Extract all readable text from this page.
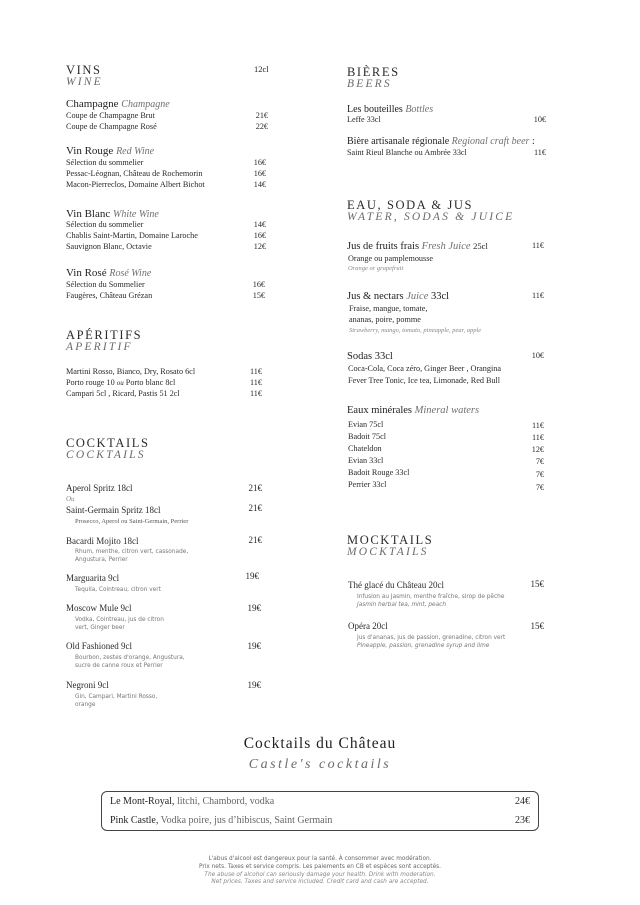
VINS	12cl
WINE
Champagne Champagne
Coupe de Champagne Brut	21€
Coupe de Champagne Rosé	22€
Vin Rouge Red Wine
Sélection du sommelier	16€
Pessac-Léognan, Château de Rochemorin	16€
Macon-Pierreclos, Domaine Albert Bichot	14€
Vin Blanc White Wine
Sélection du sommelier	14€
Chablis Saint-Martin, Domaine Laroche	16€
Sauvignon Blanc, Octavie	12€
Vin Rosé Rosé Wine
Sélection du Sommelier	16€
Faugères, Château Grézan	15€
APÉRITIFS
APERITIF
Martini Rosso, Bianco, Dry, Rosato 6cl	11€
Porto rouge 10 ou Porto blanc 8cl	11€
Campari 5cl , Ricard, Pastis 51 2cl	11€
COCKTAILS
COCKTAILS
Aperol Spritz 18cl	21€
Ou
Saint-Germain Spritz 18cl	21€
Prosecco, Aperol ou Saint-Germain, Perrier
Bacardi Mojito 18cl	21€
Rhum, menthe, citron vert, cassonade,
Angustura, Perrier
Marguarita 9cl	19€
Tequila, Cointreau, citron vert
Moscow Mule 9cl	19€
Vodka, Cointreau, jus de citron
vert, Ginger beer
Old Fashioned 9cl	19€
Bourbon, zestes d'orange, Angustura,
sucre de canne roux et Perrier
Negroni 9cl	19€
Gin, Campari, Martini Rosso,
orange
BIÈRES
BEERS
Les bouteilles Bottles
Leffe 33cl	10€
Bière artisanale régionale Regional craft beer :
Saint Rieul Blanche ou Ambrée 33cl	11€
EAU, SODA & JUS
WATER, SODAS & JUICE
Jus de fruits frais Fresh Juice 25cl	11€
Orange ou pamplemousse
Orange or grapefruit
Jus & nectars Juice 33cl	11€
Fraise, mangue, tomate,
ananas, poire, pomme
Strawberry, mango, tomato, pineapple, pear, apple
Sodas 33cl	10€
Coca-Cola, Coca zéro, Ginger Beer , Orangina
Fever Tree Tonic, Ice tea, Limonade, Red Bull
Eaux minérales Mineral waters
Evian 75cl	11€
Badoit 75cl	11€
Chateldon	12€
Evian 33cl	7€
Badoit Rouge 33cl	7€
Perrier 33cl	7€
MOCKTAILS
MOCKTAILS
Thé glacé du Château 20cl	15€
Infusion au Jasmin, menthe fraîche, sirop de pêche
Jasmin herbal tea, mint, peach
Opéra 20cl	15€
Jus d'ananas, jus de passion, grenadine, citron vert
Pineapple, passion, grenadine syrup and lime
Cocktails du Château
Castle's cocktails
Le Mont-Royal, litchi, Chambord, vodka	24€
Pink Castle, Vodka poire, jus d’hibiscus, Saint Germain	23€
L'abus d'alcool est dangereux pour la santé. À consommer avec modération.
Prix nets. Taxes et service compris. Les paiements en CB et espèces sont acceptés.
The abuse of alcohol can seriously damage your health. Drink with moderation.
Net prices. Taxes and service included. Credit card and cash are accepted.
